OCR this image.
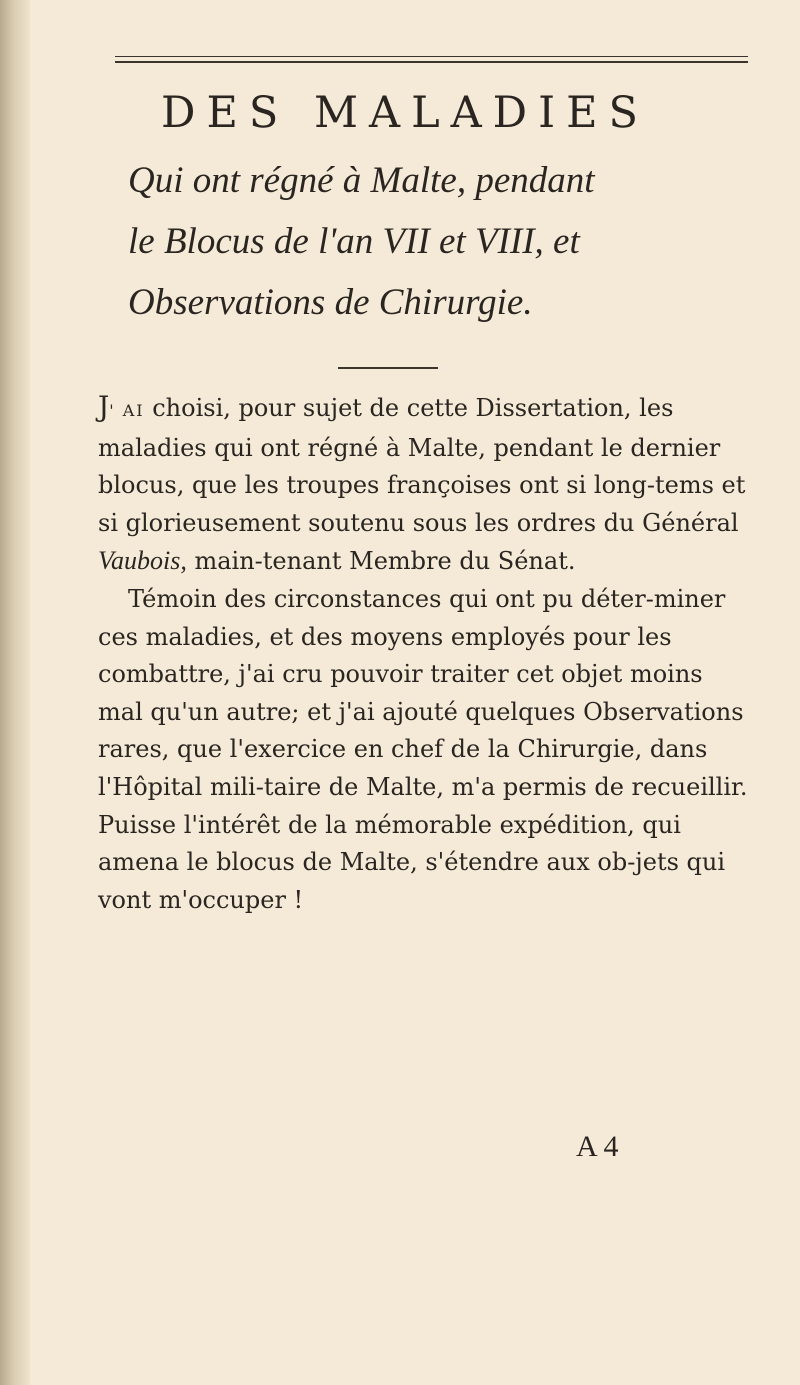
DES MALADIES

Qui ont régné à Malte, pendant

le Blocus de l'an VII et VIII, et

Observations de Chirurgie.

J' AI choisi, pour sujet de cette Dissertation, les maladies qui ont régné à Malte, pendant le dernier blocus, que les troupes françoises ont si long-tems et si glorieusement soutenu sous les ordres du Général Vaubois, main-tenant Membre du Sénat.

Témoin des circonstances qui ont pu déter-miner ces maladies, et des moyens employés pour les combattre, j'ai cru pouvoir traiter cet objet moins mal qu'un autre; et j'ai ajouté quelques Observations rares, que l'exercice en chef de la Chirurgie, dans l'Hôpital mili-taire de Malte, m'a permis de recueillir. Puisse l'intérêt de la mémorable expédition, qui amena le blocus de Malte, s'étendre aux ob-jets qui vont m'occuper !

A 4
